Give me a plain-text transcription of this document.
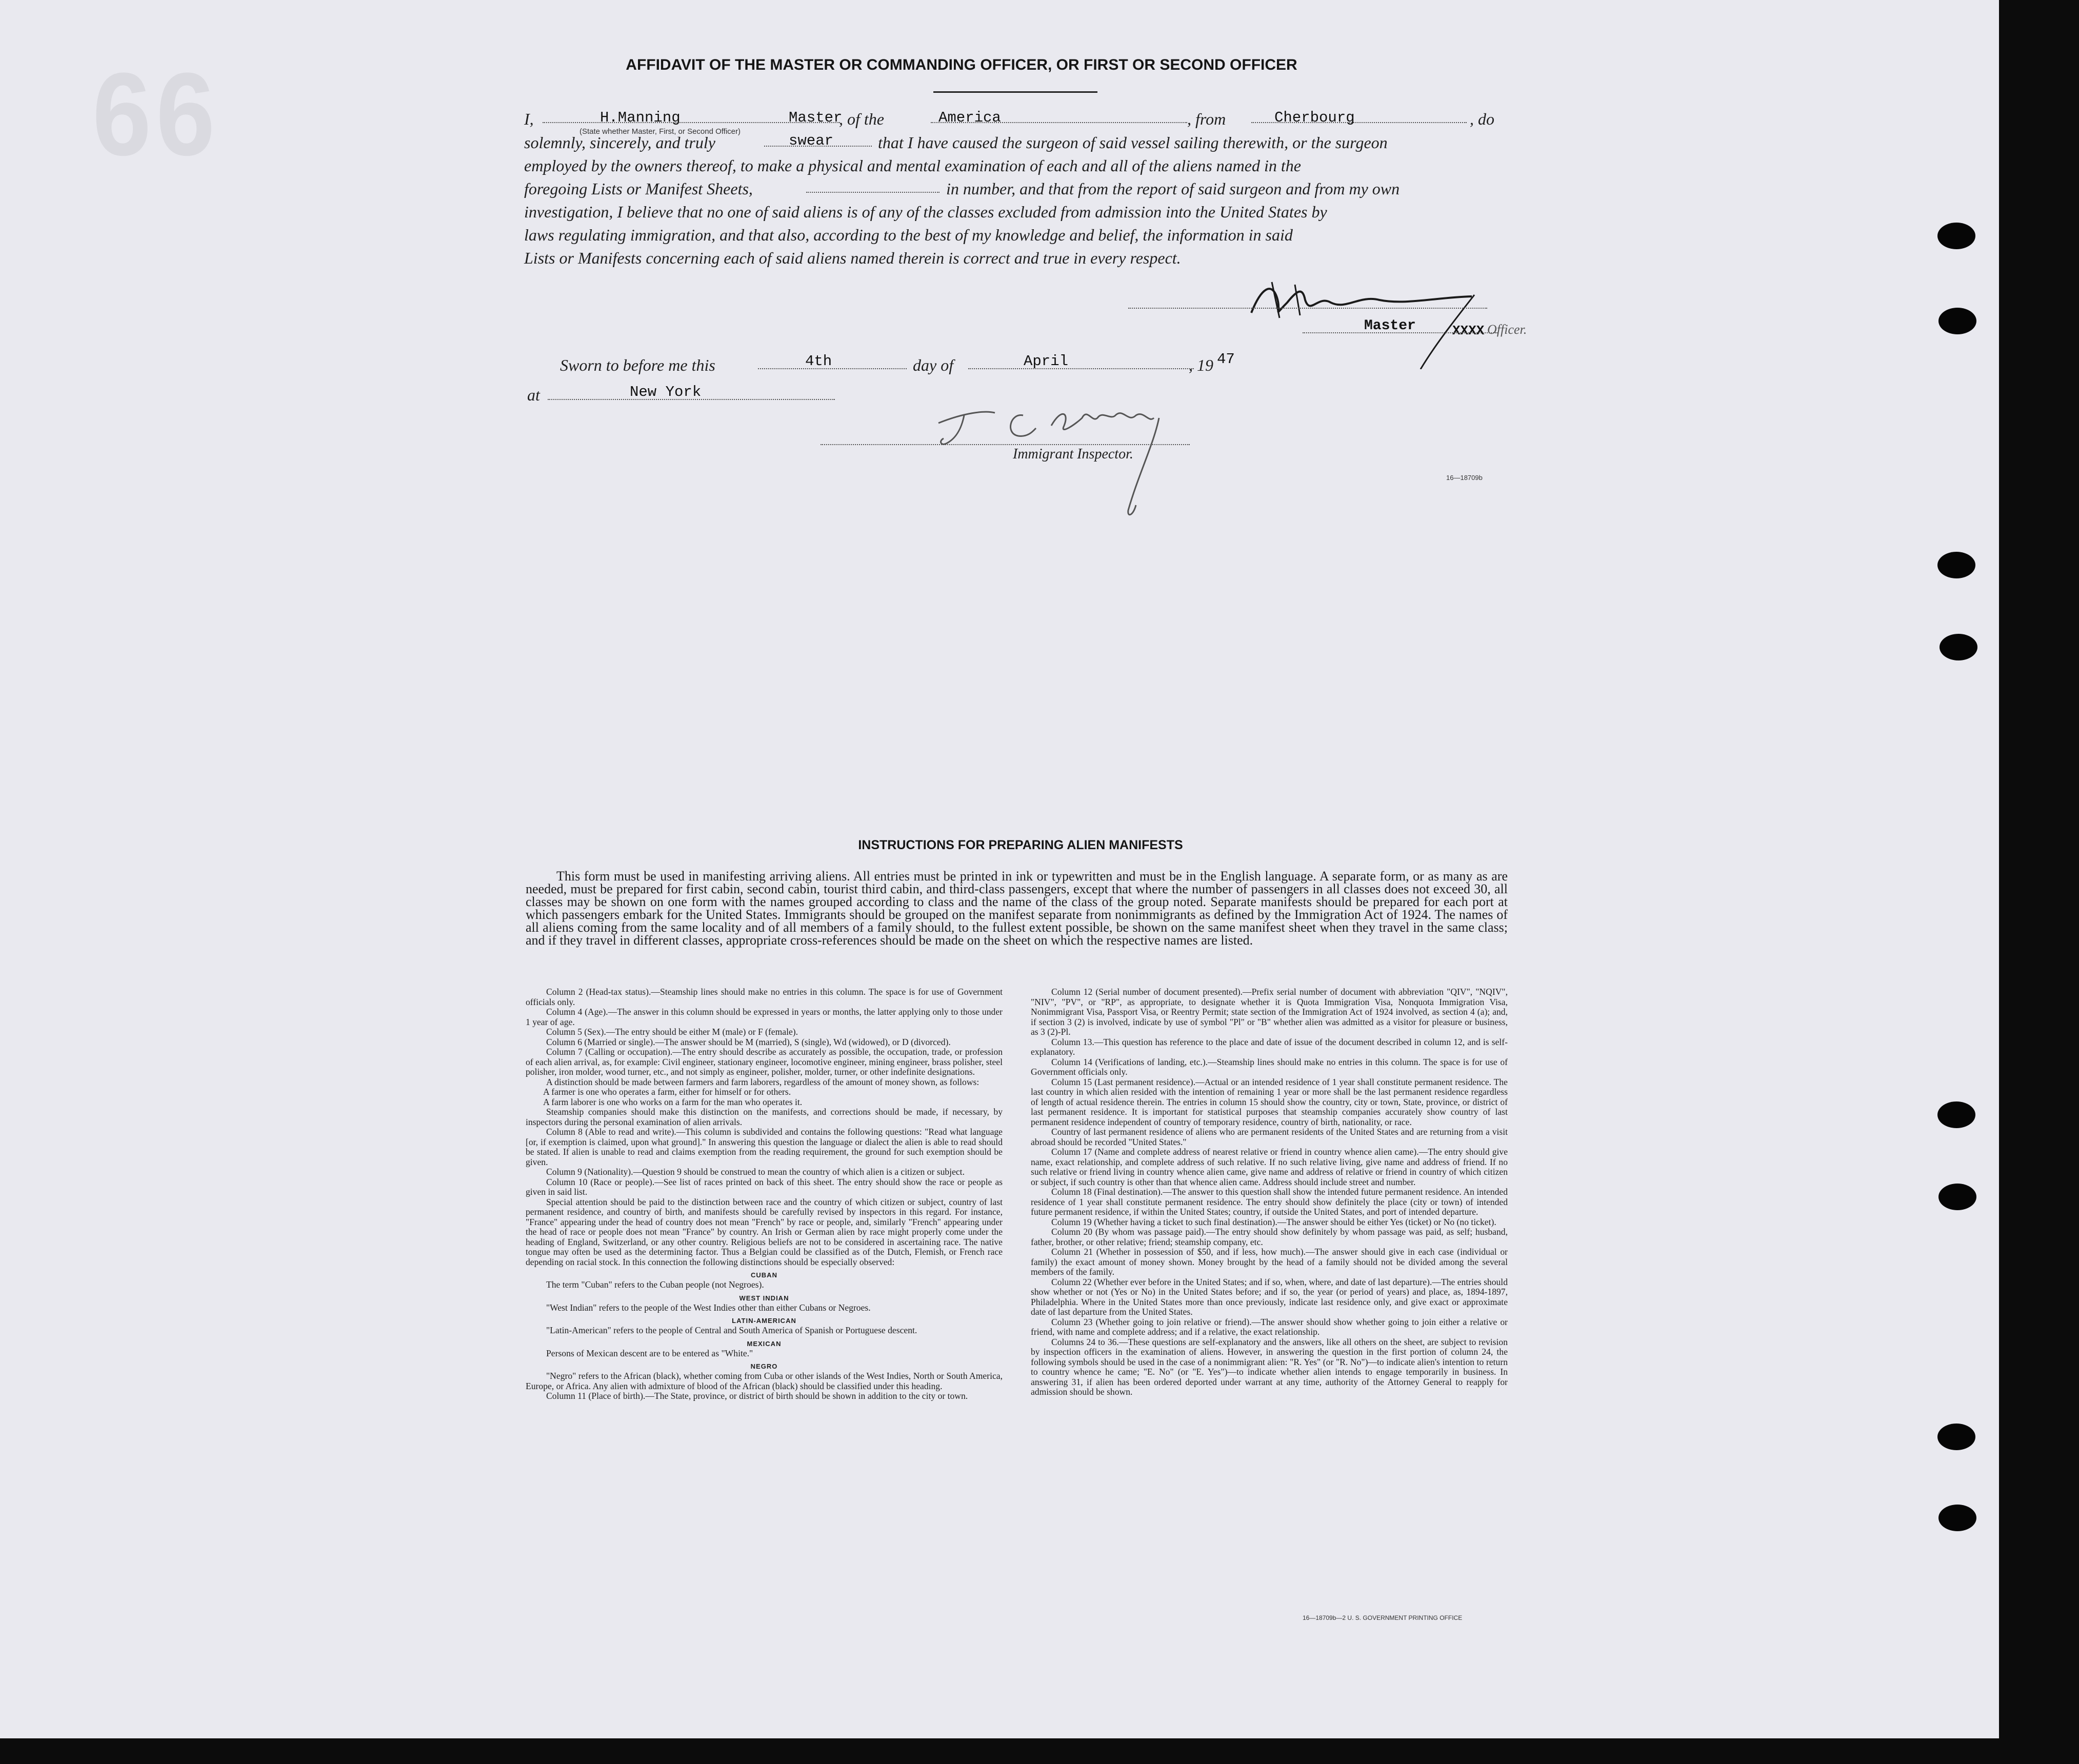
66	AFFIDAVIT OF THE MASTER OR COMMANDING OFFICER, OR FIRST OR SECOND OFFICER

I,	H.Manning	Master
, of the	America	, from	Cherbourg	, do
(State whether Master, First, or Second Officer)

solemnly, sincerely, and truly	swear	that I have caused the surgeon of said vessel sailing therewith, or the surgeon

employed by the owners thereof, to make a physical and mental examination of each and all of the aliens named in the

foregoing Lists or Manifest Sheets,	in number, and that from the report of said surgeon and from my own

investigation, I believe that no one of said aliens is of any of the classes excluded from admission into the United States by

laws regulating immigration, and that also, according to the best of my knowledge and belief, the information in said

Lists or Manifests concerning each of said aliens named therein is correct and true in every respect.

Master	XXXX Officer.
Sworn to before me this	4th	day of	April	, 19 47
at	New York
Immigrant Inspector.
16—18709b
INSTRUCTIONS FOR PREPARING ALIEN MANIFESTS

This form must be used in manifesting arriving aliens. All entries must be printed in ink or typewritten and must be in the English language. A separate form, or as many as are needed, must be prepared for first cabin, second cabin, tourist third cabin, and third-class passengers, except that where the number of passengers in all classes does not exceed 30, all classes may be shown on one form with the names grouped according to class and the name of the class of the group noted. Separate manifests should be prepared for each port at which passengers embark for the United States. Immigrants should be grouped on the manifest separate from nonimmigrants as defined by the Immigration Act of 1924. The names of all aliens coming from the same locality and of all members of a family should, to the fullest extent possible, be shown on the same manifest sheet when they travel in the same class; and if they travel in different classes, appropriate cross-references should be made on the sheet on which the respective names are listed.

Column 2 (Head-tax status).—Steamship lines should make no entries in this column. The space is for use of Government officials only.

Column 4 (Age).—The answer in this column should be expressed in years or months, the latter applying only to those under 1 year of age.

Column 5 (Sex).—The entry should be either M (male) or F (female).

Column 6 (Married or single).—The answer should be M (married), S (single), Wd (widowed), or D (divorced).

Column 7 (Calling or occupation).—The entry should describe as accurately as possible, the occupation, trade, or profession of each alien arrival, as, for example: Civil engineer, stationary engineer, locomotive engineer, mining engineer, brass polisher, steel polisher, iron molder, wood turner, etc., and not simply as engineer, polisher, molder, turner, or other indefinite designations.

A distinction should be made between farmers and farm laborers, regardless of the amount of money shown, as follows:

A farmer is one who operates a farm, either for himself or for others.

A farm laborer is one who works on a farm for the man who operates it.

Steamship companies should make this distinction on the manifests, and corrections should be made, if necessary, by inspectors during the personal examination of alien arrivals.

Column 8 (Able to read and write).—This column is subdivided and contains the following questions: "Read what language [or, if exemption is claimed, upon what ground]." In answering this question the language or dialect the alien is able to read should be stated. If alien is unable to read and claims exemption from the reading requirement, the ground for such exemption should be given.

Column 9 (Nationality).—Question 9 should be construed to mean the country of which alien is a citizen or subject.

Column 10 (Race or people).—See list of races printed on back of this sheet. The entry should show the race or people as given in said list.

Special attention should be paid to the distinction between race and the country of which citizen or subject, country of last permanent residence, and country of birth, and manifests should be carefully revised by inspectors in this regard. For instance, "France" appearing under the head of country does not mean "French" by race or people, and, similarly "French" appearing under the head of race or people does not mean "France" by country. An Irish or German alien by race might properly come under the heading of England, Switzerland, or any other country. Religious beliefs are not to be considered in ascertaining race. The native tongue may often be used as the determining factor. Thus a Belgian could be classified as of the Dutch, Flemish, or French race depending on racial stock. In this connection the following distinctions should be especially observed:

CUBAN

The term "Cuban" refers to the Cuban people (not Negroes).

WEST INDIAN

"West Indian" refers to the people of the West Indies other than either Cubans or Negroes.

LATIN-AMERICAN

"Latin-American" refers to the people of Central and South America of Spanish or Portuguese descent.

MEXICAN

Persons of Mexican descent are to be entered as "White."

NEGRO

"Negro" refers to the African (black), whether coming from Cuba or other islands of the West Indies, North or South America, Europe, or Africa. Any alien with admixture of blood of the African (black) should be classified under this heading.

Column 11 (Place of birth).—The State, province, or district of birth should be shown in addition to the city or town.

Column 12 (Serial number of document presented).—Prefix serial number of document with abbreviation "QIV", "NQIV", "NIV", "PV", or "RP", as appropriate, to designate whether it is Quota Immigration Visa, Nonquota Immigration Visa, Nonimmigrant Visa, Passport Visa, or Reentry Permit; state section of the Immigration Act of 1924 involved, as section 4 (a); and, if section 3 (2) is involved, indicate by use of symbol "Pl" or "B" whether alien was admitted as a visitor for pleasure or business, as 3 (2)-Pl.

Column 13.—This question has reference to the place and date of issue of the document described in column 12, and is self-explanatory.

Column 14 (Verifications of landing, etc.).—Steamship lines should make no entries in this column. The space is for use of Government officials only.

Column 15 (Last permanent residence).—Actual or an intended residence of 1 year shall constitute permanent residence. The last country in which alien resided with the intention of remaining 1 year or more shall be the last permanent residence regardless of length of actual residence therein. The entries in column 15 should show the country, city or town, State, province, or district of last permanent residence. It is important for statistical purposes that steamship companies accurately show country of last permanent residence independent of country of temporary residence, country of birth, nationality, or race.

Country of last permanent residence of aliens who are permanent residents of the United States and are returning from a visit abroad should be recorded "United States."

Column 17 (Name and complete address of nearest relative or friend in country whence alien came).—The entry should give name, exact relationship, and complete address of such relative. If no such relative living, give name and address of friend. If no such relative or friend living in country whence alien came, give name and address of relative or friend in country of which citizen or subject, if such country is other than that whence alien came. Address should include street and number.

Column 18 (Final destination).—The answer to this question shall show the intended future permanent residence. An intended residence of 1 year shall constitute permanent residence. The entry should show definitely the place (city or town) of intended future permanent residence, if within the United States; country, if outside the United States, and port of intended departure.

Column 19 (Whether having a ticket to such final destination).—The answer should be either Yes (ticket) or No (no ticket).

Column 20 (By whom was passage paid).—The entry should show definitely by whom passage was paid, as self; husband, father, brother, or other relative; friend; steamship company, etc.

Column 21 (Whether in possession of $50, and if less, how much).—The answer should give in each case (individual or family) the exact amount of money shown. Money brought by the head of a family should not be divided among the several members of the family.

Column 22 (Whether ever before in the United States; and if so, when, where, and date of last departure).—The entries should show whether or not (Yes or No) in the United States before; and if so, the year (or period of years) and place, as, 1894-1897, Philadelphia. Where in the United States more than once previously, indicate last residence only, and give exact or approximate date of last departure from the United States.

Column 23 (Whether going to join relative or friend).—The answer should show whether going to join either a relative or friend, with name and complete address; and if a relative, the exact relationship.

Columns 24 to 36.—These questions are self-explanatory and the answers, like all others on the sheet, are subject to revision by inspection officers in the examination of aliens. However, in answering the question in the first portion of column 24, the following symbols should be used in the case of a nonimmigrant alien: "R. Yes" (or "R. No")—to indicate alien's intention to return to country whence he came; "E. No" (or "E. Yes")—to indicate whether alien intends to engage temporarily in business. In answering 31, if alien has been ordered deported under warrant at any time, authority of the Attorney General to reapply for admission should be shown.

16—18709b—2 U. S. GOVERNMENT PRINTING OFFICE
